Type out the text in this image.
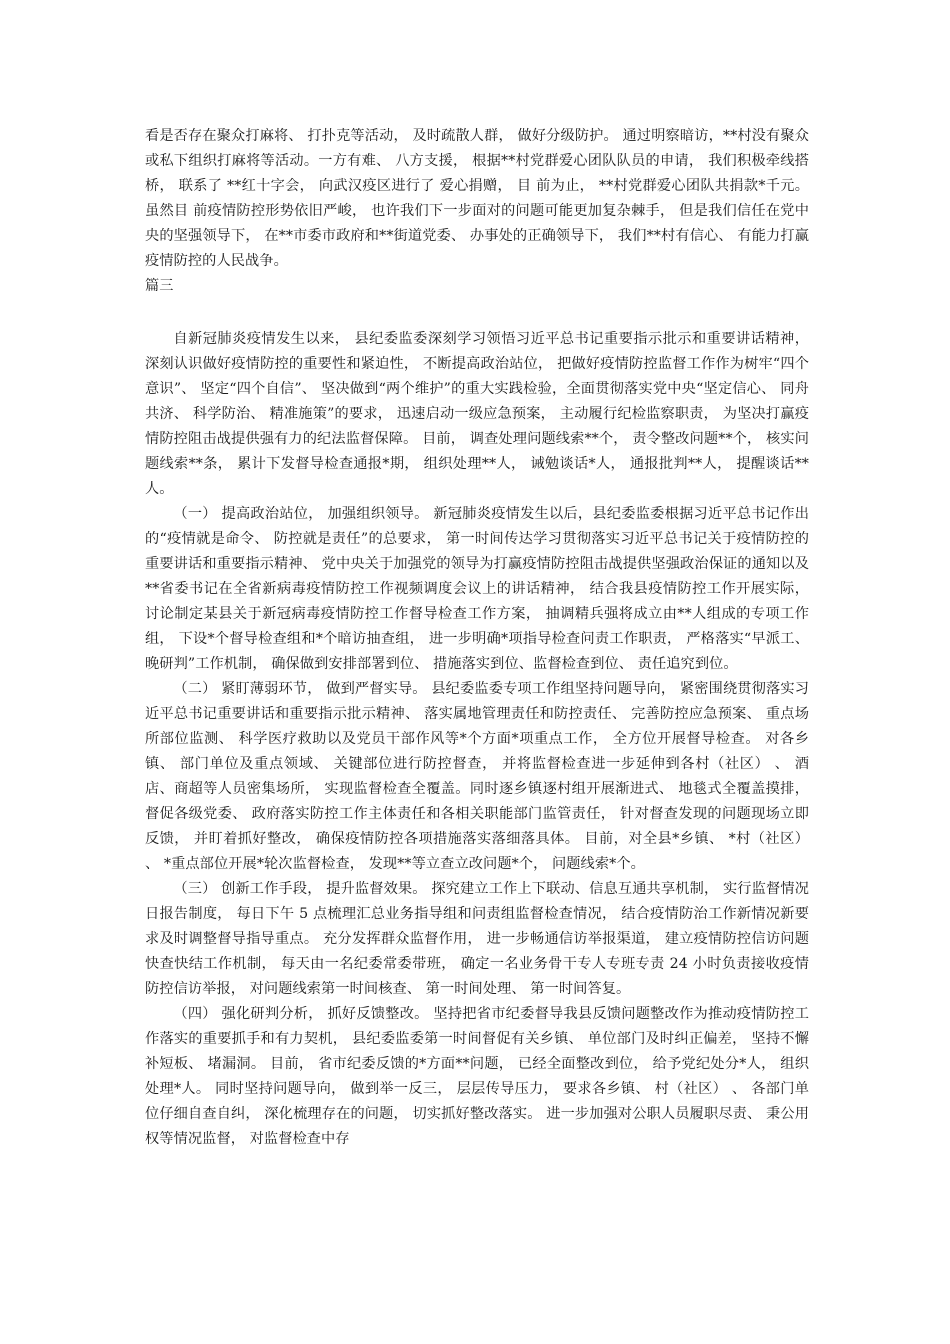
看是否存在聚众打麻将、 打扑克等活动， 及时疏散人群， 做好分级防护。 通过明察暗访，**村没有聚众或私下组织打麻将等活动。一方有难、 八方支援， 根据**村党群爱心团队队员的申请， 我们积极牵线搭桥， 联系了 **红十字会， 向武汉疫区进行了 爱心捐赠， 目 前为止， **村党群爱心团队共捐款*千元。虽然目 前疫情防控形势依旧严峻， 也许我们下一步面对的问题可能更加复杂棘手， 但是我们信任在党中央的坚强领导下， 在**市委市政府和**街道党委、 办事处的正确领导下， 我们**村有信心、 有能力打赢疫情防控的人民战争。

篇三

自新冠肺炎疫情发生以来， 县纪委监委深刻学习领悟习近平总书记重要指示批示和重要讲话精神， 深刻认识做好疫情防控的重要性和紧迫性， 不断提高政治站位， 把做好疫情防控监督工作作为树牢“四个意识”、 坚定“四个自信”、 坚决做到“两个维护”的重大实践检验，全面贯彻落实党中央“坚定信心、 同舟共济、 科学防治、 精准施策”的要求， 迅速启动一级应急预案， 主动履行纪检监察职责， 为坚决打赢疫情防控阻击战提供强有力的纪法监督保障。 目前， 调查处理问题线索**个， 责令整改问题**个， 核实问题线索**条， 累计下发督导检查通报*期， 组织处理**人， 诫勉谈话*人， 通报批判**人， 提醒谈话**人。

（一） 提高政治站位， 加强组织领导。 新冠肺炎疫情发生以后，县纪委监委根据习近平总书记作出的“疫情就是命令、 防控就是责任”的总要求， 第一时间传达学习贯彻落实习近平总书记关于疫情防控的重要讲话和重要指示精神、 党中央关于加强党的领导为打赢疫情防控阻击战提供坚强政治保证的通知以及**省委书记在全省新病毒疫情防控工作视频调度会议上的讲话精神， 结合我县疫情防控工作开展实际， 讨论制定某县关于新冠病毒疫情防控工作督导检查工作方案， 抽调精兵强将成立由**人组成的专项工作组， 下设*个督导检查组和*个暗访抽查组， 进一步明确*项指导检查问责工作职责， 严格落实“早派工、 晚研判”工作机制， 确保做到安排部署到位、 措施落实到位、监督检查到位、 责任追究到位。

（二） 紧盯薄弱环节， 做到严督实导。 县纪委监委专项工作组坚持问题导向， 紧密围绕贯彻落实习近平总书记重要讲话和重要指示批示精神、 落实属地管理责任和防控责任、 完善防控应急预案、 重点场所部位监测、 科学医疗救助以及党员干部作风等*个方面*项重点工作， 全方位开展督导检查。 对各乡镇、 部门单位及重点领域、 关键部位进行防控督查， 并将监督检查进一步延伸到各村（社区） 、 酒店、商超等人员密集场所， 实现监督检查全覆盖。同时逐乡镇逐村组开展渐进式、 地毯式全覆盖摸排， 督促各级党委、 政府落实防控工作主体责任和各相关职能部门监管责任， 针对督查发现的问题现场立即反馈， 并盯着抓好整改， 确保疫情防控各项措施落实落细落具体。 目前，对全县*乡镇、 *村（社区） 、 *重点部位开展*轮次监督检查， 发现**等立查立改问题*个， 问题线索*个。

（三） 创新工作手段， 提升监督效果。 探究建立工作上下联动、信息互通共享机制， 实行监督情况日报告制度， 每日下午 5 点梳理汇总业务指导组和问责组监督检查情况， 结合疫情防治工作新情况新要求及时调整督导指导重点。 充分发挥群众监督作用， 进一步畅通信访举报渠道， 建立疫情防控信访问题快查快结工作机制， 每天由一名纪委常委带班， 确定一名业务骨干专人专班专责 24 小时负责接收疫情防控信访举报， 对问题线索第一时间核查、 第一时间处理、 第一时间答复。

（四） 强化研判分析， 抓好反馈整改。 坚持把省市纪委督导我县反馈问题整改作为推动疫情防控工作落实的重要抓手和有力契机， 县纪委监委第一时间督促有关乡镇、 单位部门及时纠正偏差， 坚持不懈补短板、 堵漏洞。 目前， 省市纪委反馈的*方面**问题， 已经全面整改到位， 给予党纪处分*人， 组织处理*人。 同时坚持问题导向， 做到举一反三， 层层传导压力， 要求各乡镇、 村（社区） 、 各部门单位仔细自查自纠， 深化梳理存在的问题， 切实抓好整改落实。 进一步加强对公职人员履职尽责、 秉公用权等情况监督， 对监督检查中存
